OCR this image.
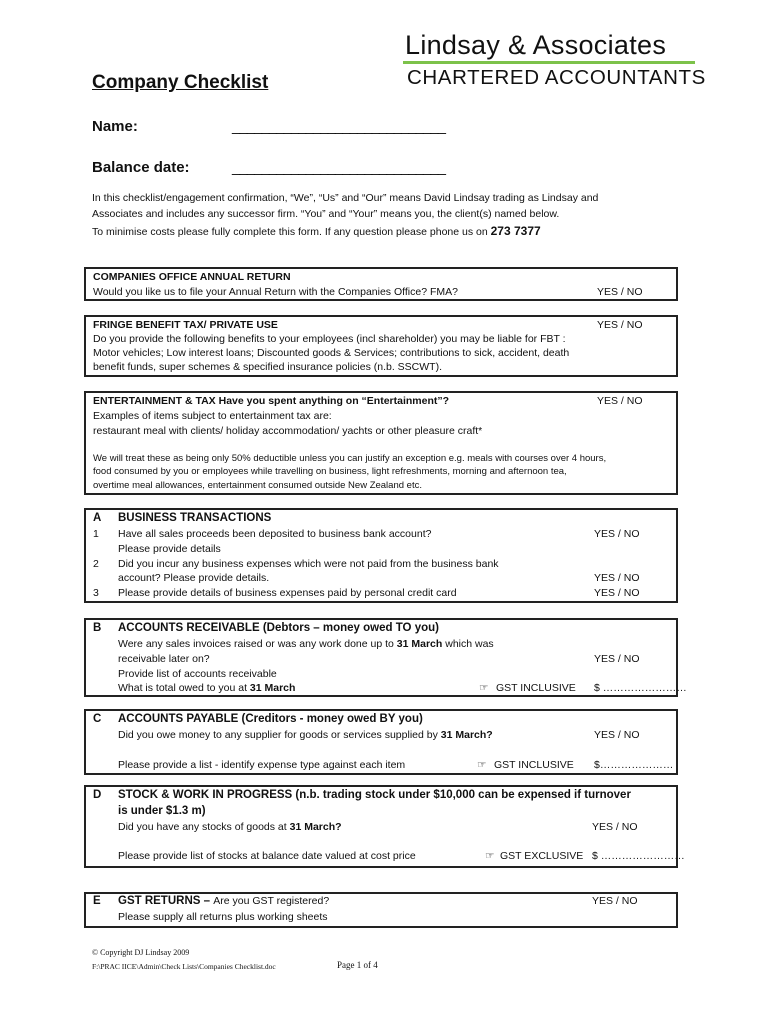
Lindsay & Associates
CHARTERED ACCOUNTANTS
Company Checklist
Name:	_____________________________
Balance date:	_____________________________
In this checklist/engagement confirmation, “We”, “Us” and “Our” means David Lindsay trading as Lindsay and
Associates and includes any successor firm. “You” and “Your” means you, the client(s) named below.
To minimise costs please fully complete this form. If any question please phone us on 273 7377
COMPANIES OFFICE ANNUAL RETURN
Would you like us to file your Annual Return with the Companies Office? FMA?	YES / NO
FRINGE BENEFIT TAX/ PRIVATE USE	YES / NO
Do you provide the following benefits to your employees (incl shareholder) you may be liable for FBT :
Motor vehicles; Low interest loans; Discounted goods & Services; contributions to sick, accident, death
benefit funds, super schemes & specified insurance policies (n.b. SSCWT).
ENTERTAINMENT & TAX Have you spent anything on “Entertainment”?	YES / NO
Examples of items subject to entertainment tax are:
restaurant meal with clients/ holiday accommodation/ yachts or other pleasure craft*
We will treat these as being only 50% deductible unless you can justify an exception e.g. meals with courses over 4 hours,
food consumed by you or employees while travelling on business, light refreshments, morning and afternoon tea,
overtime meal allowances, entertainment consumed outside New Zealand etc.
A BUSINESS TRANSACTIONS
1 Have all sales proceeds been deposited to business bank account?	YES / NO
Please provide details
2 Did you incur any business expenses which were not paid from the business bank
account? Please provide details.	YES / NO
3 Please provide details of business expenses paid by personal credit card	YES / NO
B ACCOUNTS RECEIVABLE (Debtors – money owed TO you)
Were any sales invoices raised or was any work done up to 31 March which was
receivable later on?	YES / NO
Provide list of accounts receivable
What is total owed to you at 31 March	☞ GST INCLUSIVE $ ……………………
C ACCOUNTS PAYABLE (Creditors - money owed BY you)
Did you owe money to any supplier for goods or services supplied by 31 March?	YES / NO
Please provide a list - identify expense type against each item	☞ GST INCLUSIVE $…………………
D STOCK & WORK IN PROGRESS (n.b. trading stock under $10,000 can be expensed if turnover
is under $1.3 m)
Did you have any stocks of goods at 31 March?	YES / NO
Please provide list of stocks at balance date valued at cost price	☞ GST EXCLUSIVE $ ……………………
E GST RETURNS – Are you GST registered?	YES / NO
Please supply all returns plus working sheets
© Copyright DJ Lindsay 2009
F:\PRAC IICE\Admin\Check Lists\Companies Checklist.doc	Page 1 of 4
